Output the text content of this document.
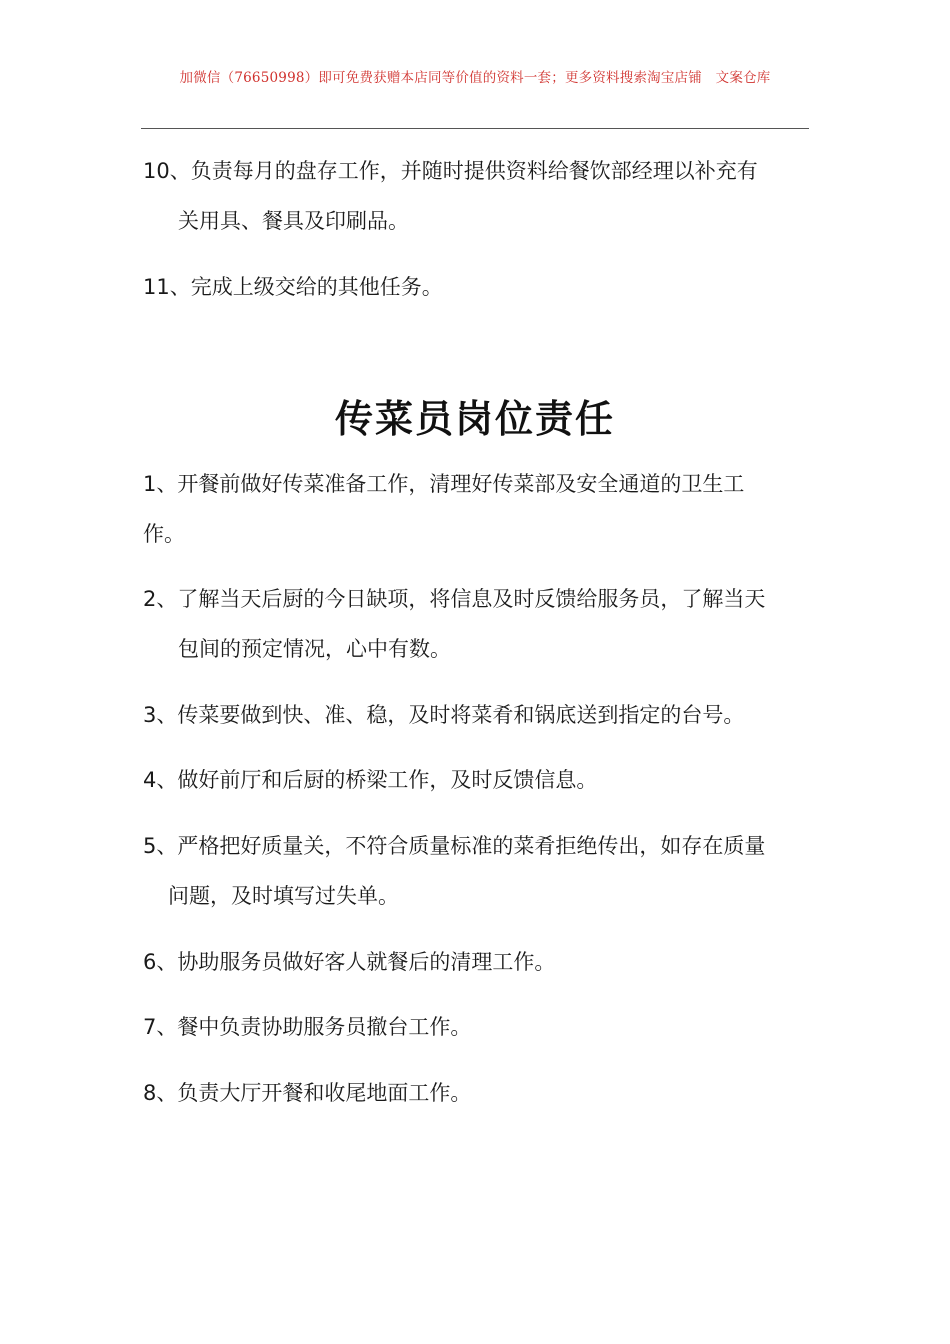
加微信（76650998）即可免费获赠本店同等价值的资料一套；更多资料搜索淘宝店铺　文案仓库
10、负责每月的盘存工作，并随时提供资料给餐饮部经理以补充有
关用具、餐具及印刷品。
11、完成上级交给的其他任务。
传菜员岗位责任
1、开餐前做好传菜准备工作，清理好传菜部及安全通道的卫生工
作。
2、了解当天后厨的今日缺项，将信息及时反馈给服务员，了解当天
包间的预定情况，心中有数。
3、传菜要做到快、准、稳，及时将菜肴和锅底送到指定的台号。
4、做好前厅和后厨的桥梁工作，及时反馈信息。
5、严格把好质量关，不符合质量标准的菜肴拒绝传出，如存在质量
问题，及时填写过失单。
6、协助服务员做好客人就餐后的清理工作。
7、餐中负责协助服务员撤台工作。
8、负责大厅开餐和收尾地面工作。
